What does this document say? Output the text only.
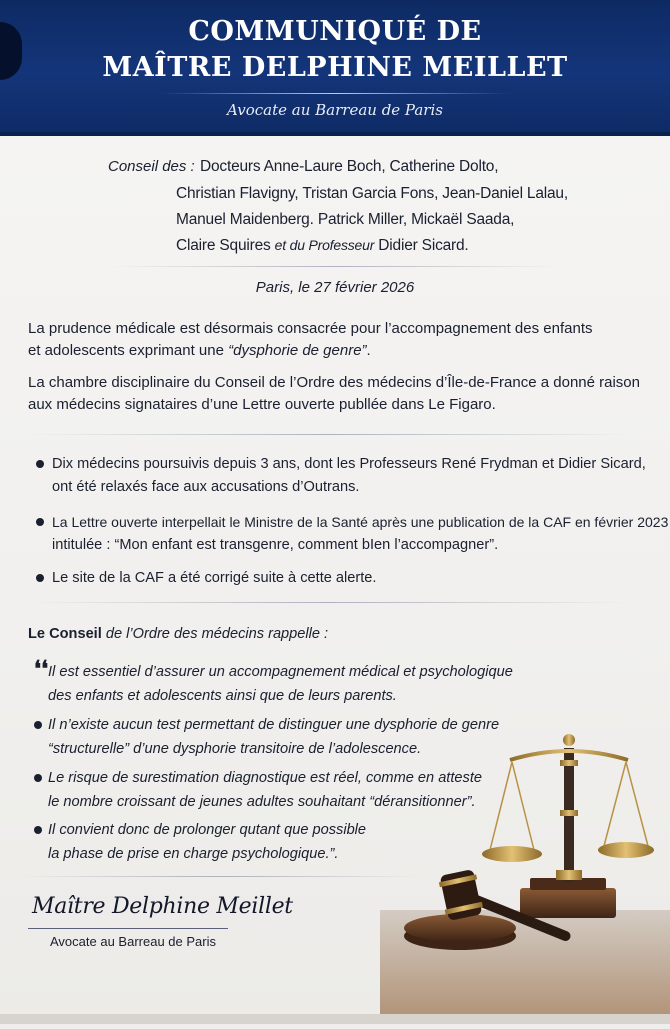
COMMUNIQUÉ DE
MAÎTRE DELPHINE MEILLET
Avocate au Barreau de Paris
Conseil des : Docteurs Anne-Laure Boch, Catherine Dolto,
Christian Flavigny, Tristan Garcia Fons, Jean-Daniel Lalau,
Manuel Maidenberg. Patrick Miller, Mickaël Saada,
Claire Squires et du Professeur Didier Sicard.
Paris, le 27 février 2026
La prudence médicale est désormais consacrée pour l’accompagnement des enfants
et adolescents exprimant une “dysphorie de genre”.
La chambre disciplinaire du Conseil de l’Ordre des médecins d’Île-de-France a donné raison
aux médecins signataires d’une Lettre ouverte publlée dans Le Figaro.
Dix médecins poursuivis depuis 3 ans, dont les Professeurs René Frydman et Didier Sicard,
ont été relaxés face aux accusations d’Outrans.
La Lettre ouverte interpellait le Ministre de la Santé après une publication de la CAF en février 2023
intitulée : “Mon enfant est transgenre, comment bIen l’accompagner”.
Le site de la CAF a été corrigé suite à cette alerte.
Le Conseil de l’Ordre des médecins rappelle :
❛❛ Il est essentiel d’assurer un accompagnement médical et psychologique
des enfants et adolescents ainsi que de leurs parents.
Il n’existe aucun test permettant de distinguer une dysphorie de genre
“structurelle” d’une dysphorie transitoire de l’adolescence.
Le risque de surestimation diagnostique est réel, comme en atteste
le nombre croissant de jeunes adultes souhaitant “déransitionner”.
Il convient donc de prolonger qutant que possible
la phase de prise en charge psychologique.”.
Maître Delphine Meillet
Avocate au Barreau de Paris
